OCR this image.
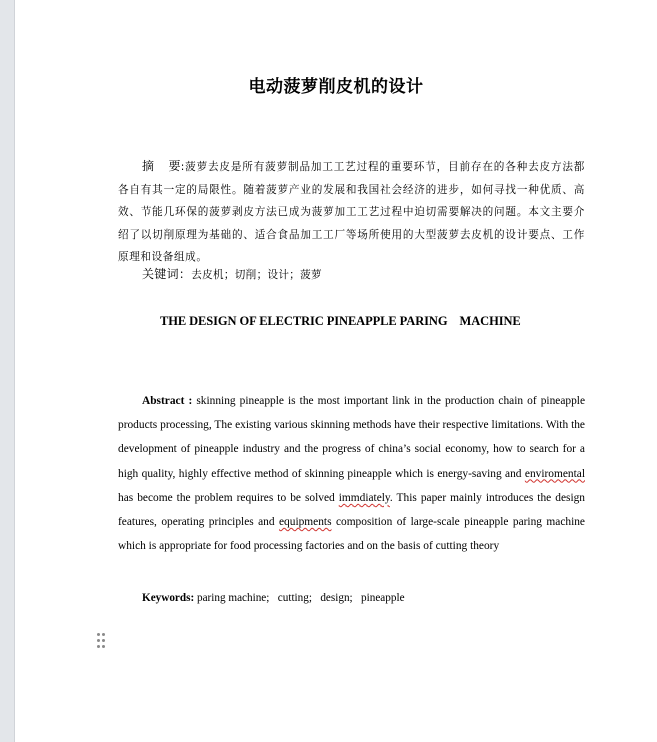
电动菠萝削皮机的设计
摘 要:菠萝去皮是所有菠萝制品加工工艺过程的重要环节，目前存在的各种去皮方法都各自有其一定的局限性。随着菠萝产业的发展和我国社会经济的进步，如何寻找一种优质、高效、节能几环保的菠萝剥皮方法已成为菠萝加工工艺过程中迫切需要解决的问题。本文主要介绍了以切削原理为基础的、适合食品加工工厂等场所使用的大型菠萝去皮机的设计要点、工作原理和设备组成。
关键词：去皮机；切削；设计；菠萝
THE DESIGN OF ELECTRIC PINEAPPLE PARING    MACHINE
Abstract : skinning pineapple is the most important link in the production chain of pineapple products processing, The existing various skinning methods have their respective limitations. With the development of pineapple industry and the progress of china’s social economy, how to search for a high quality, highly effective method of skinning pineapple which is energy-saving and enviromental has become the problem requires to be solved immdiately. This paper mainly introduces the design features, operating principles and equipments composition of large-scale pineapple paring machine which is appropriate for food processing factories and on the basis of cutting theory
Keywords: paring machine;   cutting;   design;   pineapple
